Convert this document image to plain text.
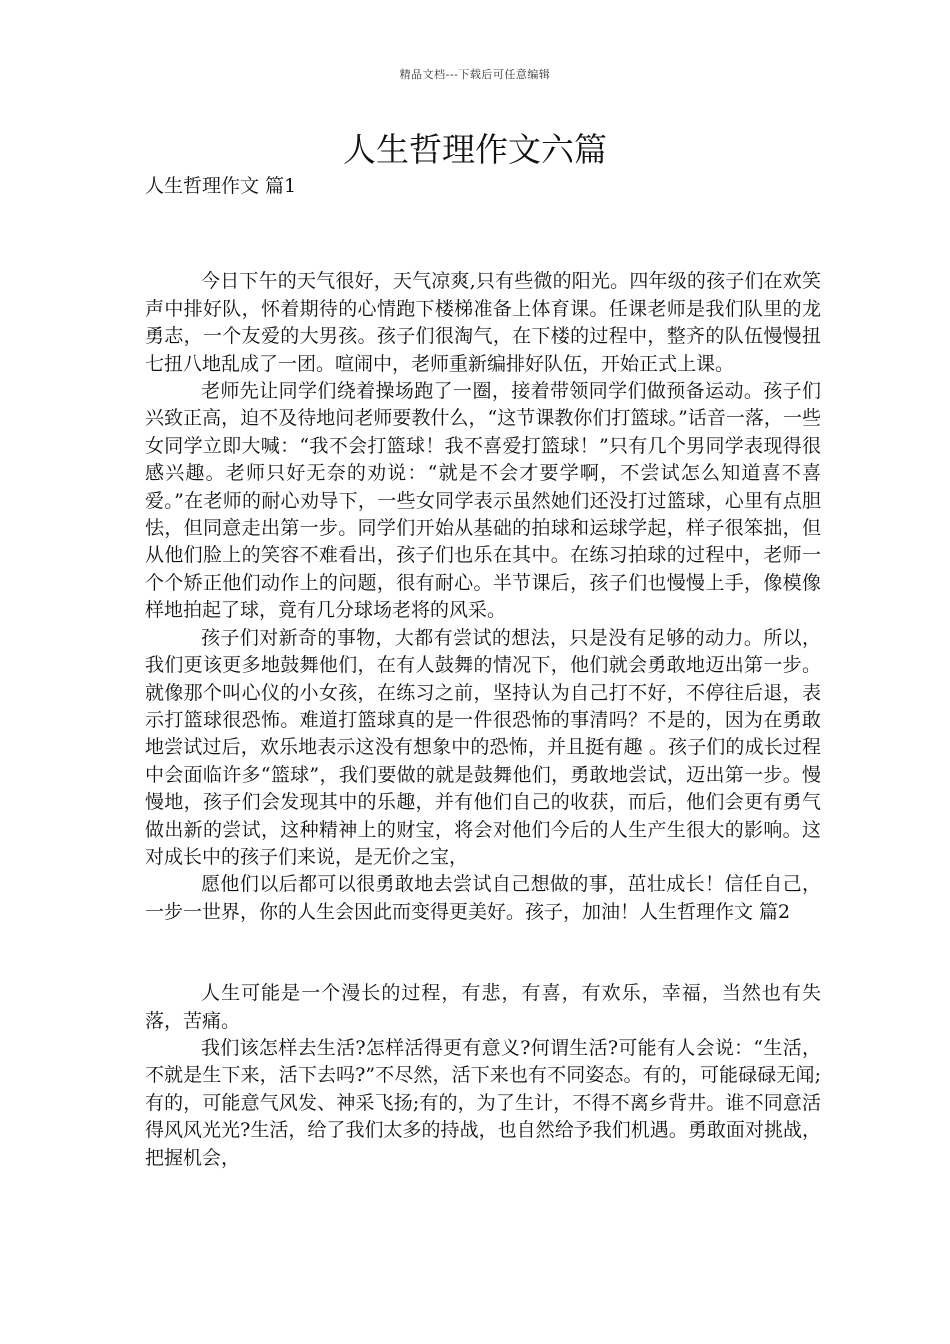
精品文档---下载后可任意编辑
人生哲理作文六篇

人生哲理作文 篇1

今日下午的天气很好，天气凉爽,只有些微的阳光。四年级的孩子们在欢笑声中排好队，怀着期待的心情跑下楼梯准备上体育课。任课老师是我们队里的龙勇志，一个友爱的大男孩。孩子们很淘气，在下楼的过程中，整齐的队伍慢慢扭七扭八地乱成了一团。喧闹中，老师重新编排好队伍，开始正式上课。

老师先让同学们绕着操场跑了一圈，接着带领同学们做预备运动。孩子们兴致正高，迫不及待地问老师要教什么，“这节课教你们打篮球。”话音一落，一些女同学立即大喊：“我不会打篮球！我不喜爱打篮球！”只有几个男同学表现得很感兴趣。老师只好无奈的劝说：“就是不会才要学啊，不尝试怎么知道喜不喜爱。”在老师的耐心劝导下，一些女同学表示虽然她们还没打过篮球，心里有点胆怯，但同意走出第一步。同学们开始从基础的拍球和运球学起，样子很笨拙，但从他们脸上的笑容不难看出，孩子们也乐在其中。在练习拍球的过程中，老师一个个矫正他们动作上的问题，很有耐心。半节课后，孩子们也慢慢上手，像模像样地拍起了球，竟有几分球场老将的风采。

孩子们对新奇的事物，大都有尝试的想法，只是没有足够的动力。所以，我们更该更多地鼓舞他们，在有人鼓舞的情况下，他们就会勇敢地迈出第一步。就像那个叫心仪的小女孩，在练习之前，坚持认为自己打不好，不停往后退，表示打篮球很恐怖。难道打篮球真的是一件很恐怖的事清吗？不是的，因为在勇敢地尝试过后，欢乐地表示这没有想象中的恐怖，并且挺有趣 。孩子们的成长过程中会面临许多“篮球”，我们要做的就是鼓舞他们，勇敢地尝试，迈出第一步。慢慢地，孩子们会发现其中的乐趣，并有他们自己的收获，而后，他们会更有勇气做出新的尝试，这种精神上的财宝，将会对他们今后的人生产生很大的影响。这对成长中的孩子们来说，是无价之宝，

愿他们以后都可以很勇敢地去尝试自己想做的事，茁壮成长！信任自己，一步一世界，你的人生会因此而变得更美好。孩子，加油！人生哲理作文 篇2

人生可能是一个漫长的过程，有悲，有喜，有欢乐，幸福，当然也有失落，苦痛。

我们该怎样去生活?怎样活得更有意义?何谓生活?可能有人会说：“生活，不就是生下来，活下去吗?”不尽然，活下来也有不同姿态。有的，可能碌碌无闻;有的，可能意气风发、神采飞扬;有的，为了生计，不得不离乡背井。谁不同意活得风风光光?生活，给了我们太多的持战，也自然给予我们机遇。勇敢面对挑战，把握机会，
